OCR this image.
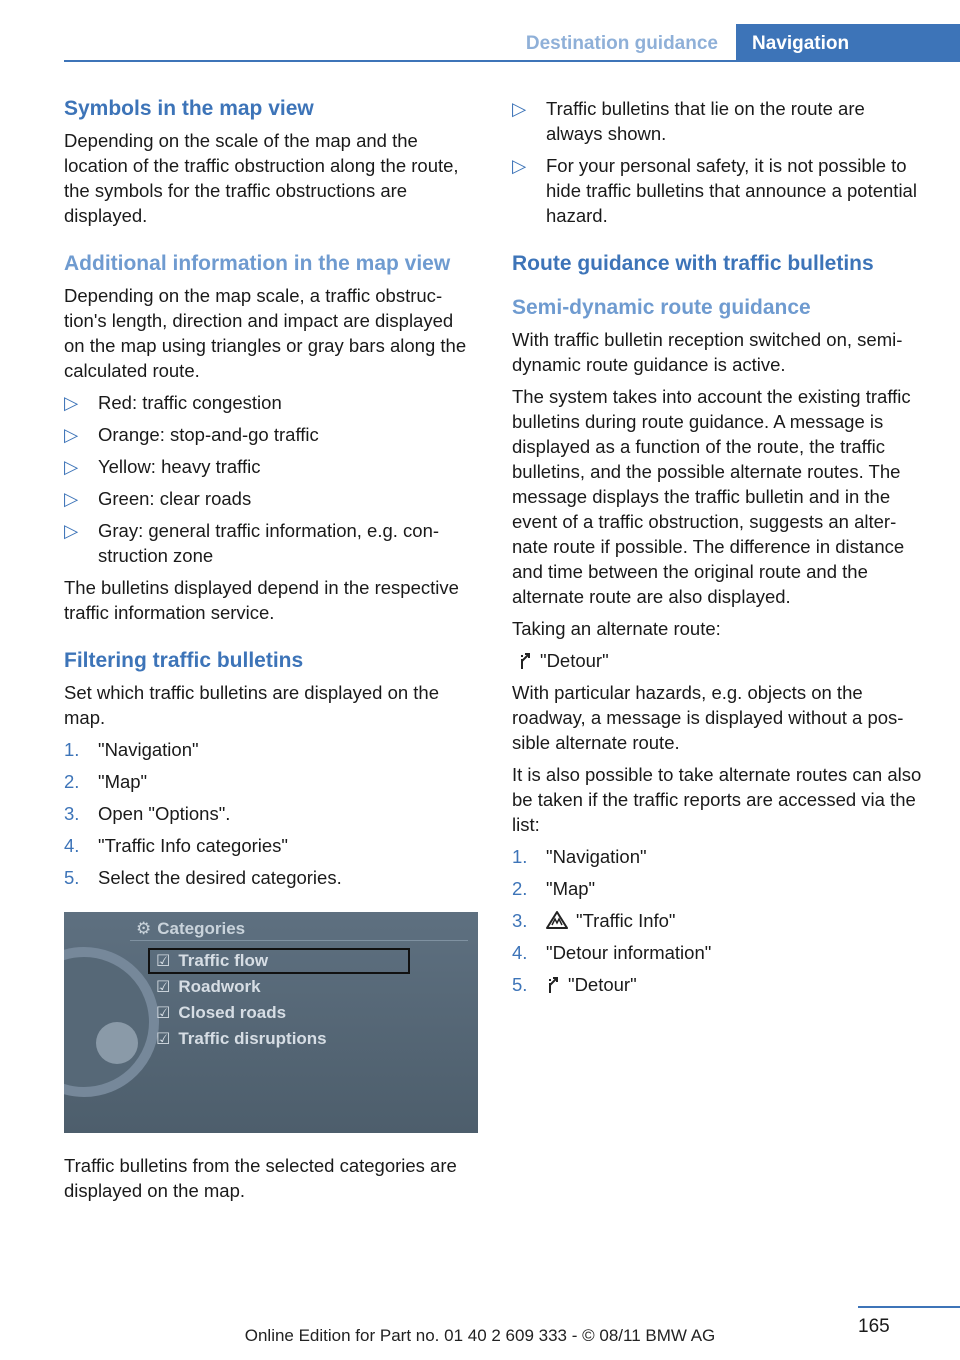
Destination guidance	Navigation
Symbols in the map view

Depending on the scale of the map and the location of the traffic obstruction along the route, the symbols for the traffic obstructions are displayed.

Additional information in the map view

Depending on the map scale, a traffic obstruction's length, direction and impact are displayed on the map using triangles or gray bars along the calculated route.

▷ Red: traffic congestion
▷ Orange: stop-and-go traffic
▷ Yellow: heavy traffic
▷ Green: clear roads
▷ Gray: general traffic information, e.g. construction zone

The bulletins displayed depend in the respective traffic information service.

Filtering traffic bulletins

Set which traffic bulletins are displayed on the map.

1. "Navigation"
2. "Map"
3. Open "Options".
4. "Traffic Info categories"
5. Select the desired categories.
⚙ Categories
☑ Traffic flow
☑ Roadwork
☑ Closed roads
☑ Traffic disruptions

Traffic bulletins from the selected categories are displayed on the map.

▷ Traffic bulletins that lie on the route are always shown.
▷ For your personal safety, it is not possible to hide traffic bulletins that announce a potential hazard.
Route guidance with traffic bulletins
Semi-dynamic route guidance

With traffic bulletin reception switched on, semi-dynamic route guidance is active.

The system takes into account the existing traffic bulletins during route guidance. A message is displayed as a function of the route, the traffic bulletins, and the possible alternate routes. The message displays the traffic bulletin and in the event of a traffic obstruction, suggests an alternate route if possible. The difference in distance and time between the original route and the alternate route are also displayed.

Taking an alternate route:

"Detour"

With particular hazards, e.g. objects on the roadway, a message is displayed without a possible alternate route.

It is also possible to take alternate routes can also be taken if the traffic reports are accessed via the list:

1. "Navigation"
2. "Map"
3.	"Traffic Info"
4. "Detour information"
5. "Detour"
165
Online Edition for Part no. 01 40 2 609 333 - © 08/11 BMW AG
